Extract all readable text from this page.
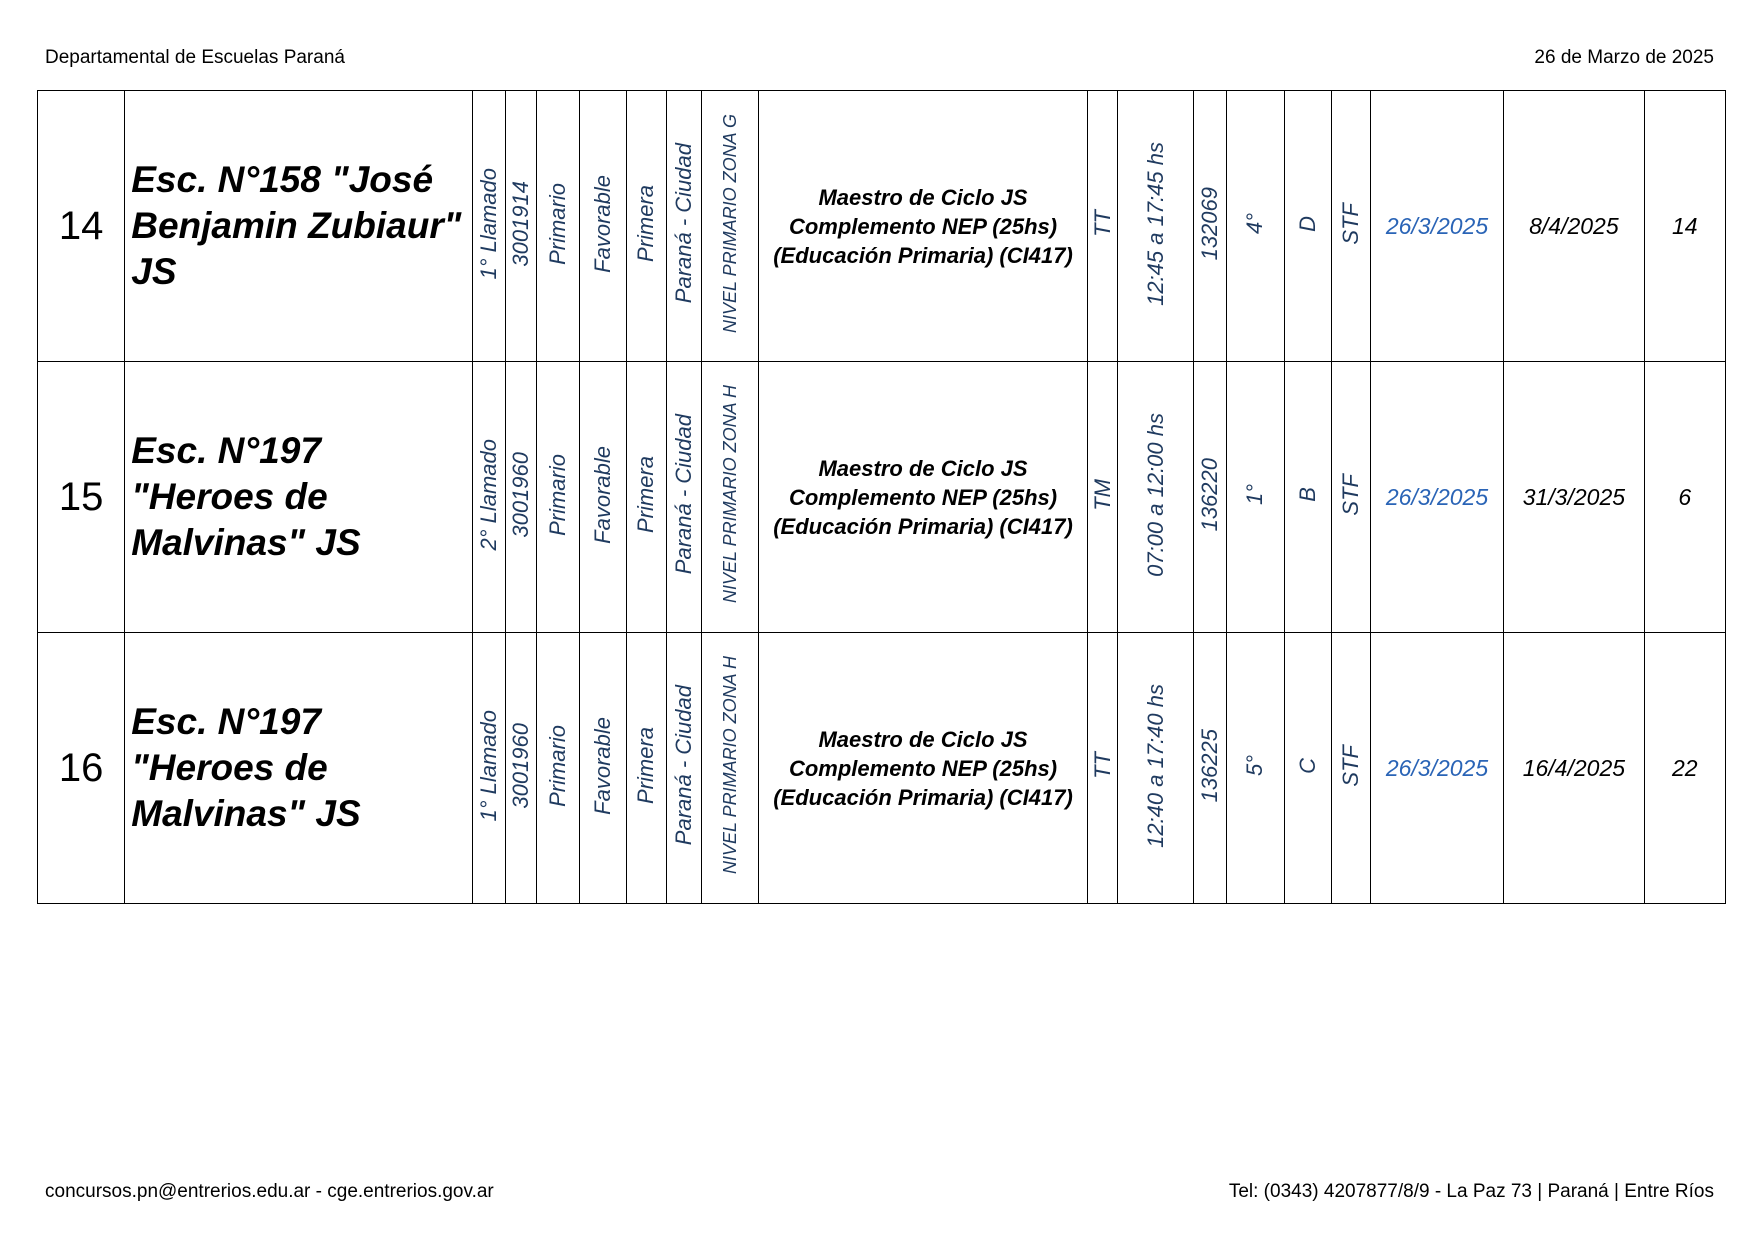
Departamental de Escuelas Paraná	26 de Marzo de 2025
14	Esc. N°158 "José Benjamin Zubiaur" JS	1° Llamado	3001914	Primario	Favorable	Primera	Paraná - Ciudad	NIVEL PRIMARIO ZONA G	Maestro de Ciclo JS Complemento NEP (25hs) (Educación Primaria) (CI417)	TT	12:45 a 17:45 hs	132069	4°	D	STF	26/3/2025	8/4/2025	14
15	Esc. N°197 "Heroes de Malvinas" JS	2° Llamado	3001960	Primario	Favorable	Primera	Paraná - Ciudad	NIVEL PRIMARIO ZONA H	Maestro de Ciclo JS Complemento NEP (25hs) (Educación Primaria) (CI417)	TM	07:00 a 12:00 hs	136220	1°	B	STF	26/3/2025	31/3/2025	6
16	Esc. N°197 "Heroes de Malvinas" JS	1° Llamado	3001960	Primario	Favorable	Primera	Paraná - Ciudad	NIVEL PRIMARIO ZONA H	Maestro de Ciclo JS Complemento NEP (25hs) (Educación Primaria) (CI417)	TT	12:40 a 17:40 hs	136225	5°	C	STF	26/3/2025	16/4/2025	22
concursos.pn@entrerios.edu.ar - cge.entrerios.gov.ar	Tel: (0343) 4207877/8/9 - La Paz 73 | Paraná | Entre Ríos
